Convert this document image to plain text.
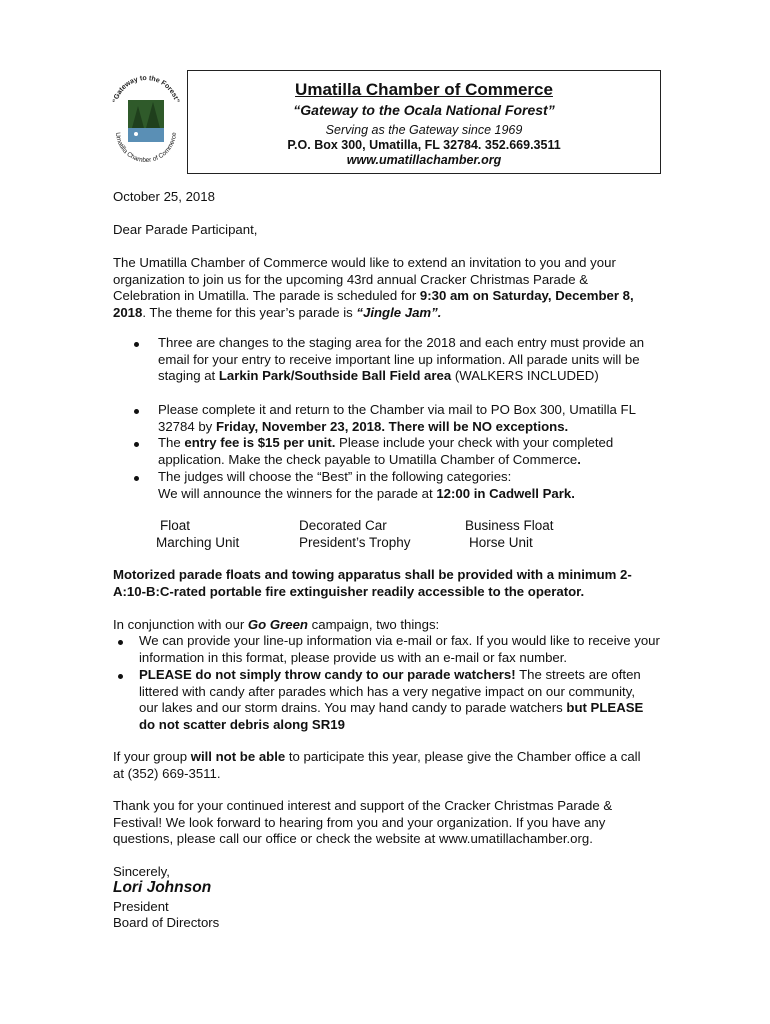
“Gateway to the Forest”
Umatilla Chamber of Commerce
Umatilla Chamber of Commerce
“Gateway to the Ocala National Forest”
Serving as the Gateway since 1969
P.O. Box 300, Umatilla, FL 32784. 352.669.3511
www.umatillachamber.org
October 25, 2018
Dear Parade Participant,
The Umatilla Chamber of Commerce would like to extend an invitation to you and your organization to join us for the upcoming 43rd annual Cracker Christmas Parade & Celebration in Umatilla. The parade is scheduled for 9:30 am on Saturday, December 8, 2018. The theme for this year’s parade is “Jingle Jam”.
Three are changes to the staging area for the 2018 and each entry must provide an email for your entry to receive important line up information. All parade units will be staging at Larkin Park/Southside Ball Field area (WALKERS INCLUDED)
Please complete it and return to the Chamber via mail to PO Box 300, Umatilla FL 32784 by Friday, November 23, 2018. There will be NO exceptions.
The entry fee is $15 per unit. Please include your check with your completed application. Make the check payable to Umatilla Chamber of Commerce.
The judges will choose the “Best” in the following categories:
We will announce the winners for the parade at 12:00 in Cadwell Park.
Float	Decorated Car	Business Float
Marching Unit	President’s Trophy	Horse Unit
Motorized parade floats and towing apparatus shall be provided with a minimum 2-A:10-B:C-rated portable fire extinguisher readily accessible to the operator.
In conjunction with our Go Green campaign, two things:
We can provide your line-up information via e-mail or fax. If you would like to receive your information in this format, please provide us with an e-mail or fax number.
PLEASE do not simply throw candy to our parade watchers! The streets are often littered with candy after parades which has a very negative impact on our community, our lakes and our storm drains. You may hand candy to parade watchers but PLEASE do not scatter debris along SR19
If your group will not be able to participate this year, please give the Chamber office a call at (352) 669-3511.
Thank you for your continued interest and support of the Cracker Christmas Parade & Festival! We look forward to hearing from you and your organization. If you have any questions, please call our office or check the website at www.umatillachamber.org.
Sincerely,
Lori Johnson
President
Board of Directors
